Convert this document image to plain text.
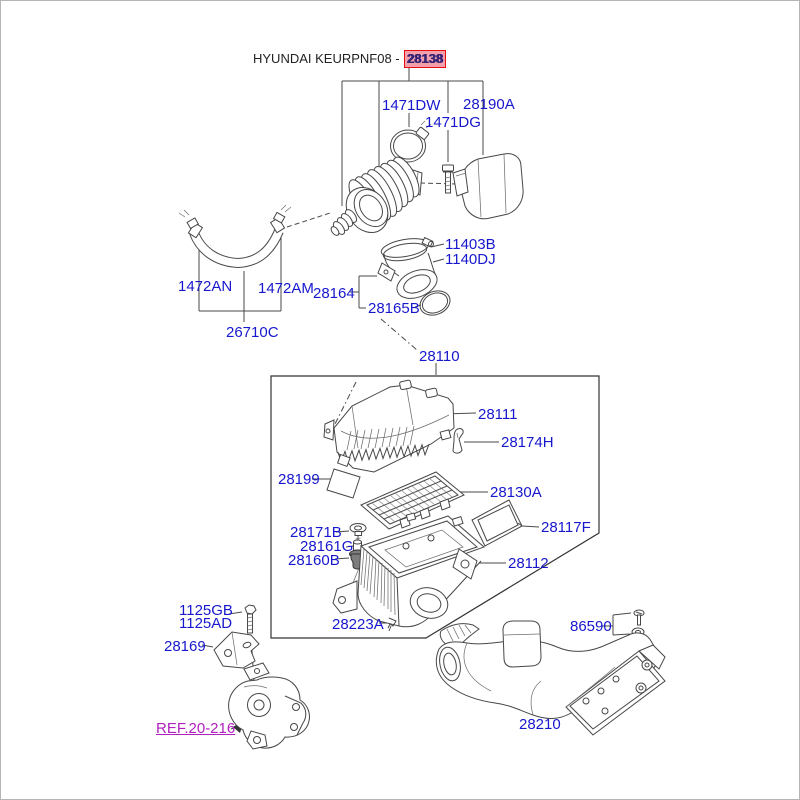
HYUNDAI KEURPNF08 - 28138
1471DW
1471DG
28190A
1472AN 1472AM
26710C
28164
28165B
11403B
1140DJ
28110
28111
28174H
28199
28130A
28117F
28171B
28161G
28160B	28112
28223A
1125GB
1125AD
28169
86590
28210
REF.20-216
